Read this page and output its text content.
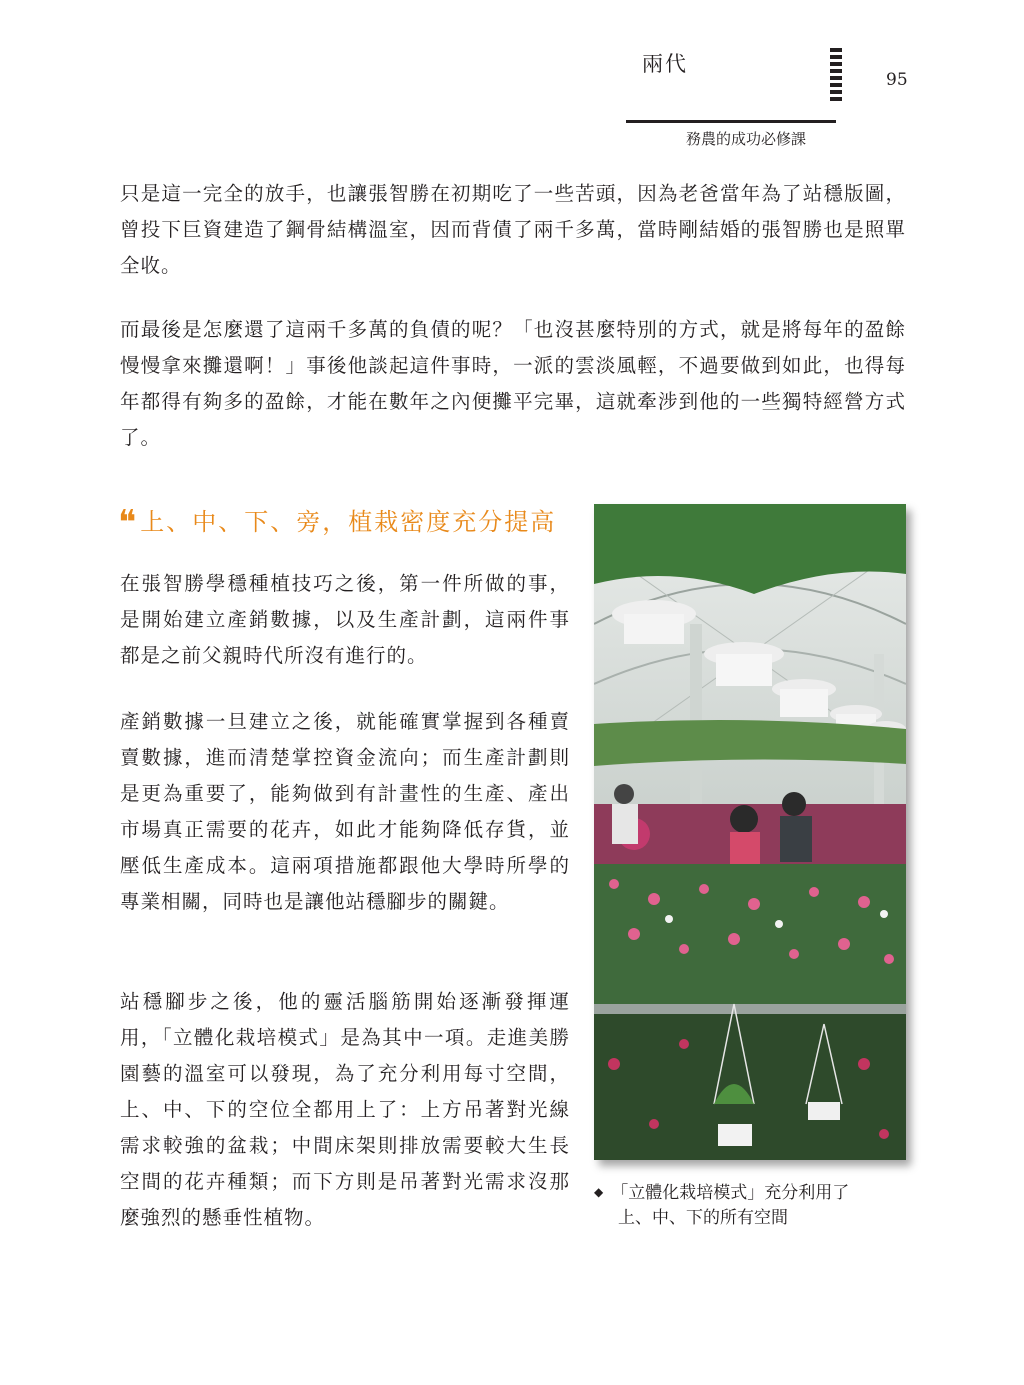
兩代
務農的成功必修課
95

只是這一完全的放手，也讓張智勝在初期吃了一些苦頭，因為老爸當年為了站穩版圖，曾投下巨資建造了鋼骨結構溫室，因而背債了兩千多萬，當時剛結婚的張智勝也是照單全收。

而最後是怎麼還了這兩千多萬的負債的呢？「也沒甚麼特別的方式，就是將每年的盈餘慢慢拿來攤還啊！」事後他談起這件事時，一派的雲淡風輕，不過要做到如此，也得每年都得有夠多的盈餘，才能在數年之內便攤平完畢，這就牽涉到他的一些獨特經營方式了。

❝上、中、下、旁，植栽密度充分提高

在張智勝學穩種植技巧之後，第一件所做的事，是開始建立產銷數據，以及生產計劃，這兩件事都是之前父親時代所沒有進行的。

產銷數據一旦建立之後，就能確實掌握到各種賣賣數據，進而清楚掌控資金流向；而生產計劃則是更為重要了，能夠做到有計畫性的生產、產出市場真正需要的花卉，如此才能夠降低存貨，並壓低生產成本。這兩項措施都跟他大學時所學的專業相關，同時也是讓他站穩腳步的關鍵。

站穩腳步之後，他的靈活腦筋開始逐漸發揮運用，「立體化栽培模式」是為其中一項。走進美勝園藝的溫室可以發現，為了充分利用每寸空間，上、中、下的空位全都用上了：上方吊著對光線需求較強的盆栽；中間床架則排放需要較大生長空間的花卉種類；而下方則是吊著對光需求沒那麼強烈的懸垂性植物。

◆ 「立體化栽培模式」充分利用了
上、中、下的所有空間
